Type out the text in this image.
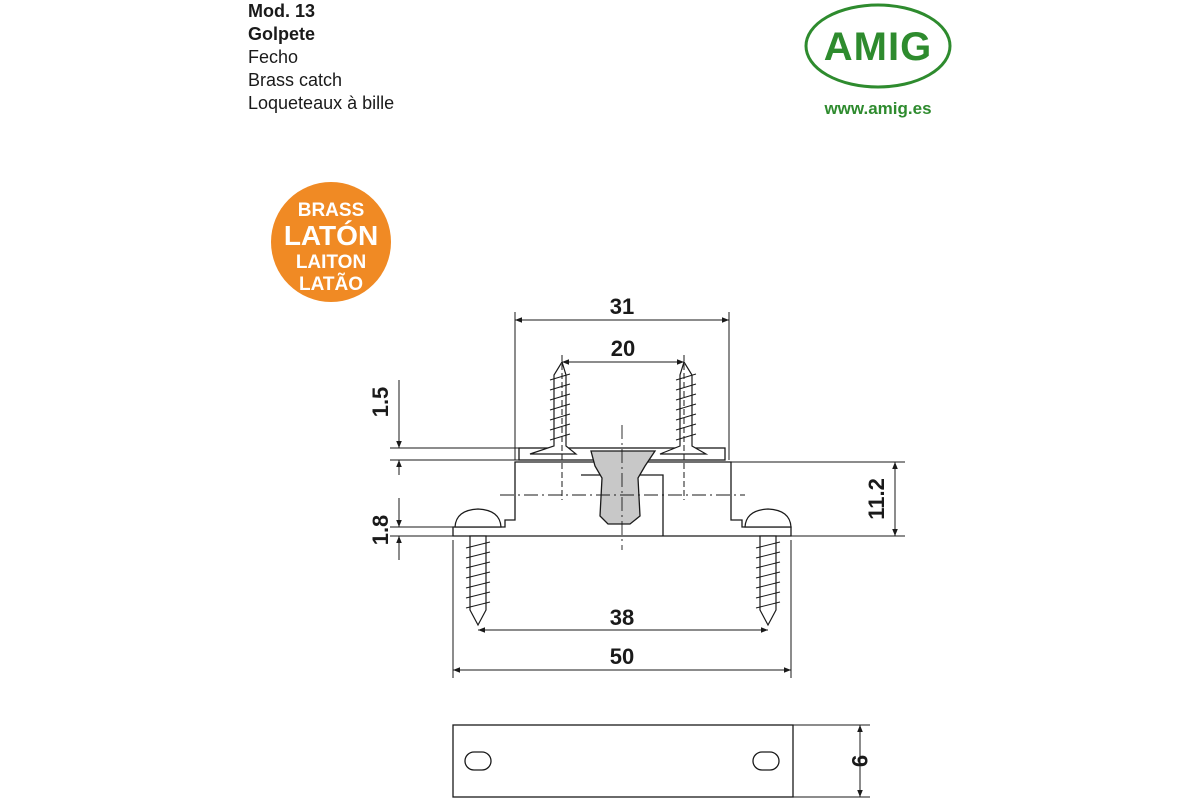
Mod. 13
Golpete
Fecho
Brass catch
Loqueteaux à bille
AMIG
www.amig.es
BRASS
LATÓN
LAITON
LATÃO
31
20
1.5
1.8
11.2
38
50
9
